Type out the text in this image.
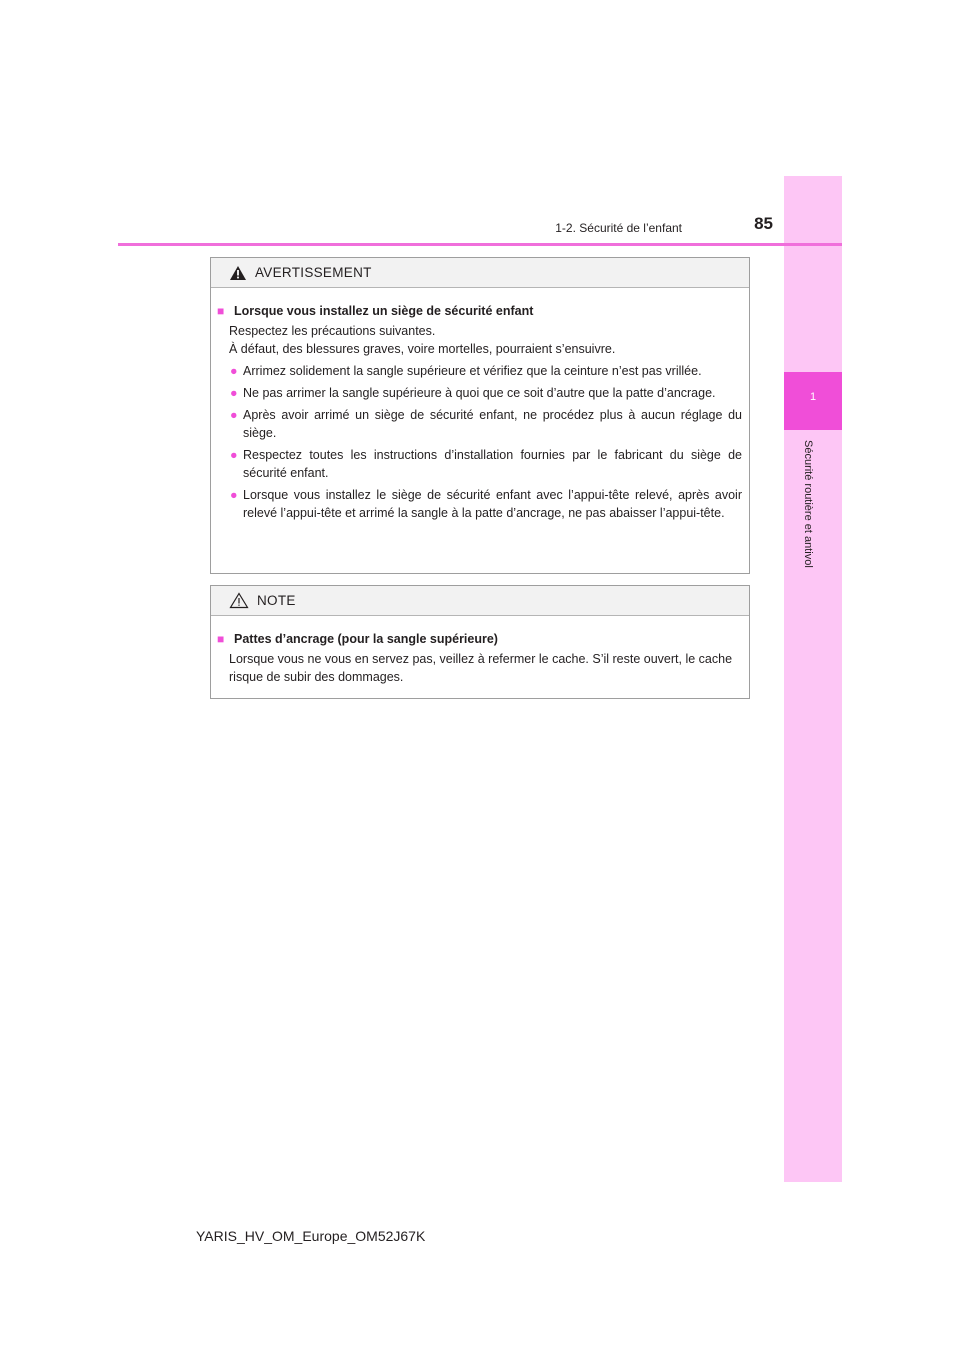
1
Sécurité routière et antivol
1-2. Sécurité de l’enfant	85
AVERTISSEMENT
■ Lorsque vous installez un siège de sécurité enfant
Respectez les précautions suivantes.
À défaut, des blessures graves, voire mortelles, pourraient s’ensuivre.
● Arrimez solidement la sangle supérieure et vérifiez que la ceinture n’est pas vrillée.
● Ne pas arrimer la sangle supérieure à quoi que ce soit d’autre que la patte d’ancrage.
● Après avoir arrimé un siège de sécurité enfant, ne procédez plus à aucun réglage du siège.
● Respectez toutes les instructions d’installation fournies par le fabricant du siège de sécurité enfant.
● Lorsque vous installez le siège de sécurité enfant avec l’appui-tête relevé, après avoir relevé l’appui-tête et arrimé la sangle à la patte d’ancrage, ne pas abaisser l’appui-tête.
NOTE
■ Pattes d’ancrage (pour la sangle supérieure)
Lorsque vous ne vous en servez pas, veillez à refermer le cache. S’il reste ouvert, le cache risque de subir des dommages.
YARIS_HV_OM_Europe_OM52J67K
